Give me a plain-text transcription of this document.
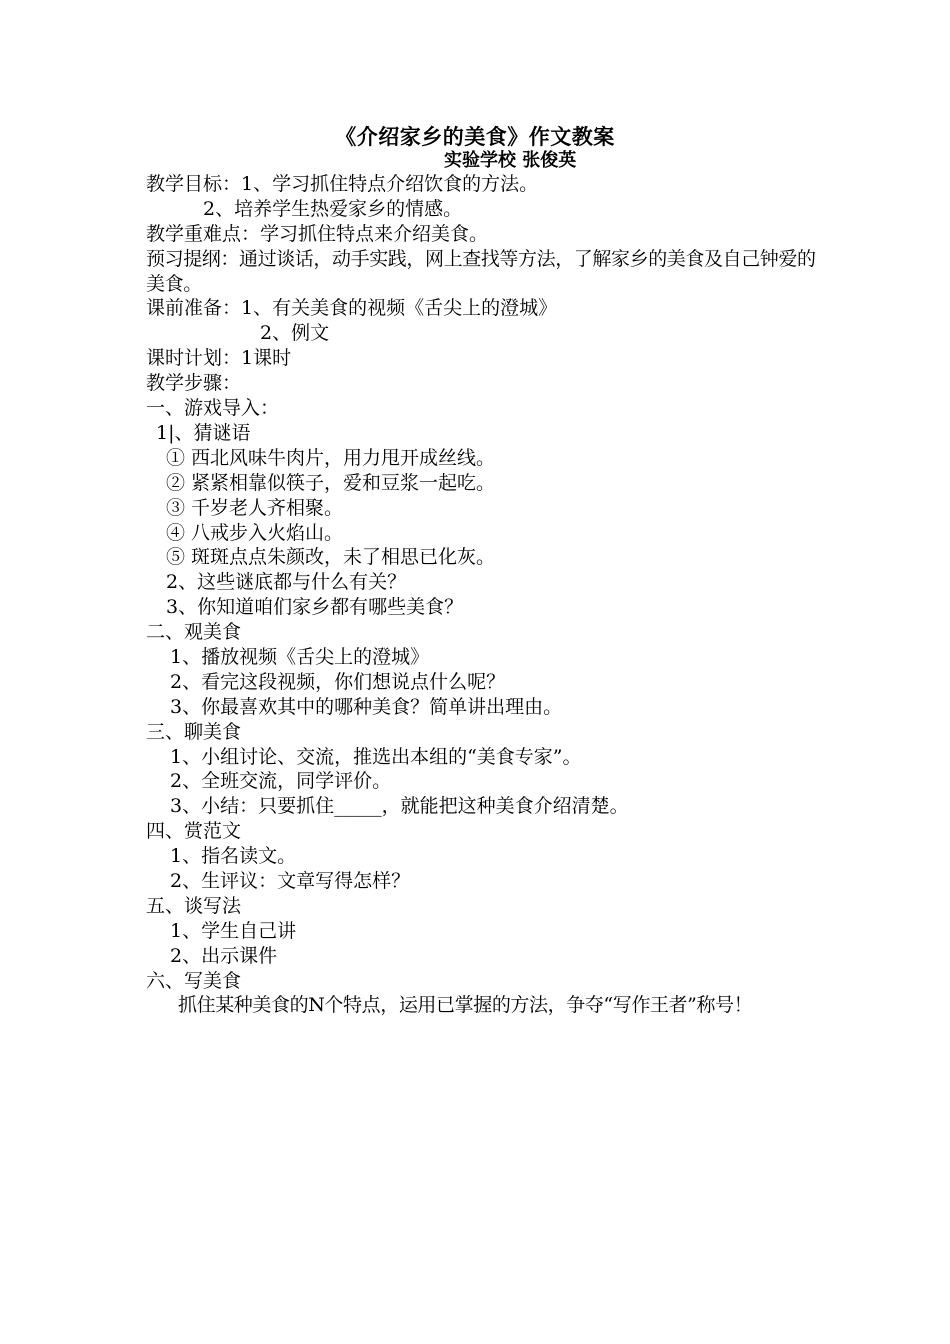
《介绍家乡的美食》作文教案
实验学校 张俊英
教学目标：1、学习抓住特点介绍饮食的方法。
2、培养学生热爱家乡的情感。
教学重难点：学习抓住特点来介绍美食。
预习提纲：通过谈话，动手实践，网上查找等方法，了解家乡的美食及自己钟爱的美食。
课前准备：1、有关美食的视频《舌尖上的澄城》
2、例文
课时计划：1课时
教学步骤：
一、游戏导入：
1|、猜谜语
① 西北风味牛肉片，用力甩开成丝线。
② 紧紧相靠似筷子，爱和豆浆一起吃。
③ 千岁老人齐相聚。
④ 八戒步入火焰山。
⑤ 斑斑点点朱颜改，未了相思已化灰。
2、这些谜底都与什么有关？
3、你知道咱们家乡都有哪些美食？
二、观美食
1、播放视频《舌尖上的澄城》
2、看完这段视频，你们想说点什么呢？
3、你最喜欢其中的哪种美食？简单讲出理由。
三、聊美食
1、小组讨论、交流，推选出本组的“美食专家”。
2、全班交流，同学评价。
3、小结：只要抓住_____，就能把这种美食介绍清楚。
四、赏范文
1、指名读文。
2、生评议：文章写得怎样？
五、谈写法
1、学生自己讲
2、出示课件
六、写美食
抓住某种美食的N个特点，运用已掌握的方法，争夺“写作王者”称号！
